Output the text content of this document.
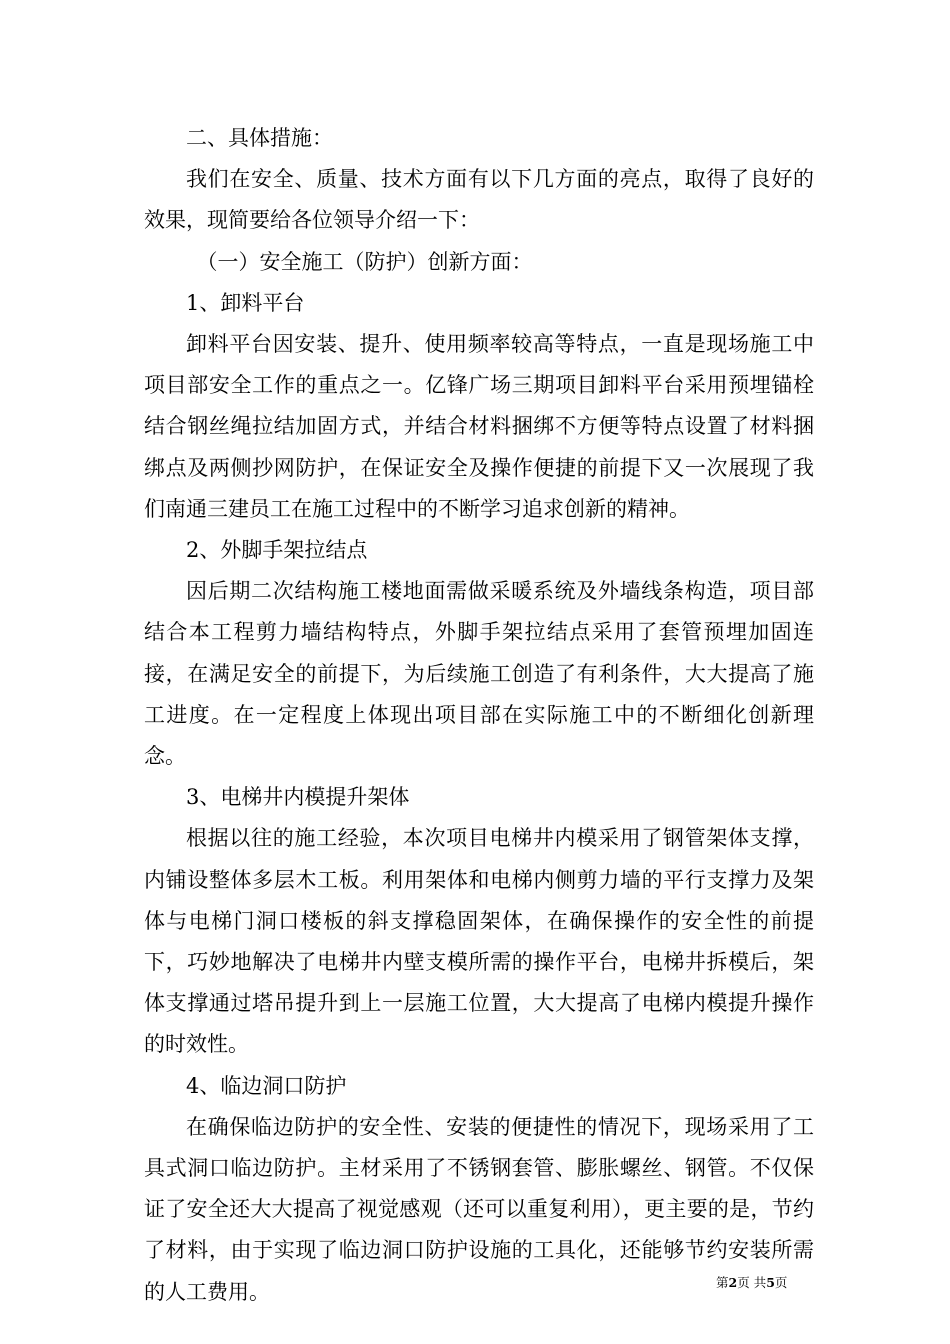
二、具体措施：

我们在安全、质量、技术方面有以下几方面的亮点，取得了良好的效果，现简要给各位领导介绍一下：

（一）安全施工（防护）创新方面：

1、卸料平台

卸料平台因安装、提升、使用频率较高等特点，一直是现场施工中项目部安全工作的重点之一。亿锋广场三期项目卸料平台采用预埋锚栓结合钢丝绳拉结加固方式，并结合材料捆绑不方便等特点设置了材料捆绑点及两侧抄网防护，在保证安全及操作便捷的前提下又一次展现了我们南通三建员工在施工过程中的不断学习追求创新的精神。

2、外脚手架拉结点

因后期二次结构施工楼地面需做采暖系统及外墙线条构造，项目部结合本工程剪力墙结构特点，外脚手架拉结点采用了套管预埋加固连接，在满足安全的前提下，为后续施工创造了有利条件，大大提高了施工进度。在一定程度上体现出项目部在实际施工中的不断细化创新理念。

3、电梯井内模提升架体

根据以往的施工经验，本次项目电梯井内模采用了钢管架体支撑，内铺设整体多层木工板。利用架体和电梯内侧剪力墙的平行支撑力及架体与电梯门洞口楼板的斜支撑稳固架体，在确保操作的安全性的前提下，巧妙地解决了电梯井内壁支模所需的操作平台，电梯井拆模后，架体支撑通过塔吊提升到上一层施工位置，大大提高了电梯内模提升操作的时效性。

4、临边洞口防护

在确保临边防护的安全性、安装的便捷性的情况下，现场采用了工具式洞口临边防护。主材采用了不锈钢套管、膨胀螺丝、钢管。不仅保证了安全还大大提高了视觉感观（还可以重复利用），更主要的是，节约了材料，由于实现了临边洞口防护设施的工具化，还能够节约安装所需的人工费用。	第2页 共5页
